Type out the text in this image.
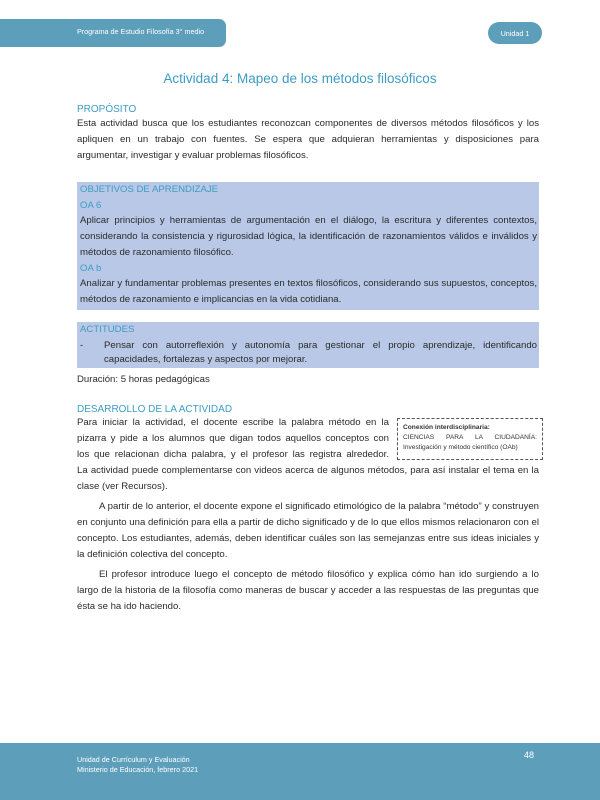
Programa de Estudio Filosofía 3° medio	Unidad 1
Actividad 4: Mapeo de los métodos filosóficos
PROPÓSITO

Esta actividad busca que los estudiantes reconozcan componentes de diversos métodos filosóficos y los apliquen en un trabajo con fuentes. Se espera que adquieran herramientas y disposiciones para argumentar, investigar y evaluar problemas filosóficos.

OBJETIVOS DE APRENDIZAJE
OA 6

Aplicar principios y herramientas de argumentación en el diálogo, la escritura y diferentes contextos, considerando la consistencia y rigurosidad lógica, la identificación de razonamientos válidos e inválidos y métodos de razonamiento filosófico.

OA b

Analizar y fundamentar problemas presentes en textos filosóficos, considerando sus supuestos, conceptos, métodos de razonamiento e implicancias en la vida cotidiana.

ACTITUDES
-	Pensar con autorreflexión y autonomía para gestionar el propio aprendizaje, identificando capacidades, fortalezas y aspectos por mejorar.

Duración: 5 horas pedagógicas

DESARROLLO DE LA ACTIVIDAD

Para iniciar la actividad, el docente escribe la palabra método en la

pizarra y pide a los alumnos que digan todos aquellos conceptos con

los que relacionan dicha palabra, y el profesor las registra alrededor.

La actividad puede complementarse con videos acerca de algunos métodos, para así instalar el tema en la clase (ver Recursos).

A partir de lo anterior, el docente expone el significado etimológico de la palabra “método” y construyen en conjunto una definición para ella a partir de dicho significado y de lo que ellos mismos relacionaron con el concepto. Los estudiantes, además, deben identificar cuáles son las semejanzas entre sus ideas iniciales y la definición colectiva del concepto.

El profesor introduce luego el concepto de método filosófico y explica cómo han ido surgiendo a lo largo de la historia de la filosofía como maneras de buscar y acceder a las respuestas de las preguntas que ésta se ha ido haciendo.

Conexión interdisciplinaria:
CIENCIAS PARA LA CIUDADANÍA:
Investigación y método científico (OAb)
Unidad de Currículum y Evaluación
Ministerio de Educación, febrero 2021
48
